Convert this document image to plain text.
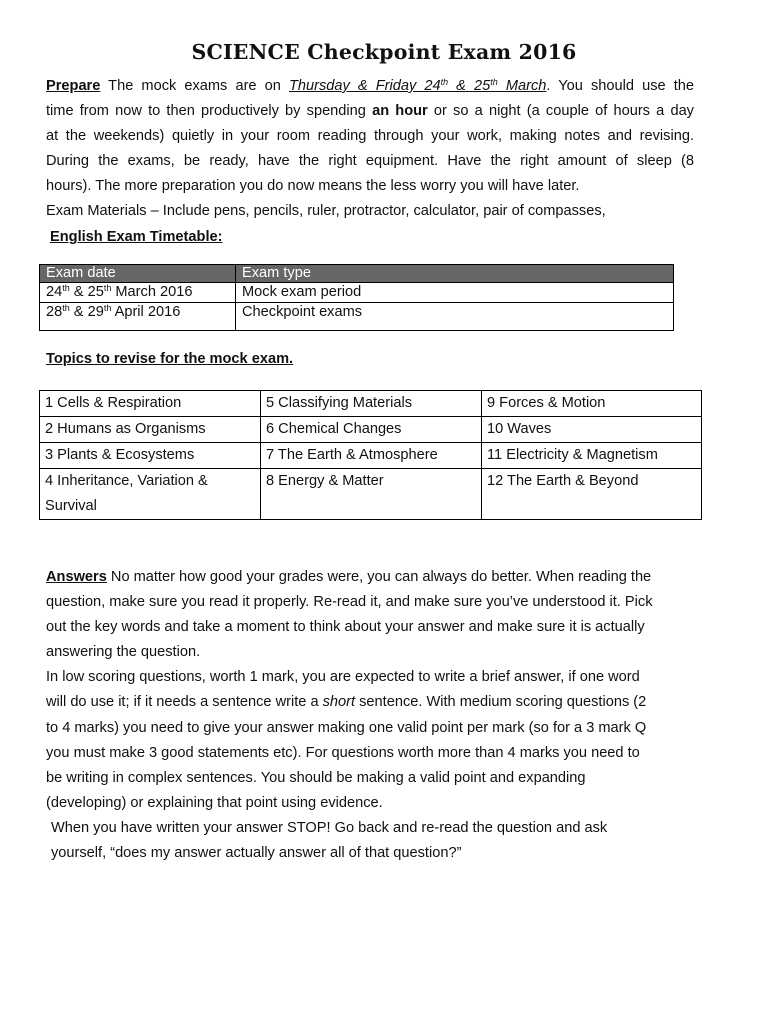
SCIENCE Checkpoint Exam 2016
Prepare The mock exams are on Thursday & Friday 24th & 25th March. You should use the
time from now to then productively by spending an hour or so a night (a couple of hours a day
at the weekends) quietly in your room reading through your work, making notes and revising.
During the exams, be ready, have the right equipment. Have the right amount of sleep (8
hours). The more preparation you do now means the less worry you will have later.
Exam Materials – Include pens, pencils, ruler, protractor, calculator, pair of compasses,
English Exam Timetable:
Exam date	Exam type
24th & 25th March 2016	Mock exam period
28th & 29th April 2016	Checkpoint exams
Topics to revise for the mock exam.
1 Cells & Respiration	5 Classifying Materials	9 Forces & Motion
2 Humans as Organisms	6 Chemical Changes	10 Waves
3 Plants & Ecosystems	7 The Earth & Atmosphere	11 Electricity & Magnetism

4 Inheritance, Variation &
Survival	8 Energy & Matter	12 The Earth & Beyond
Answers No matter how good your grades were, you can always do better. When reading the
question, make sure you read it properly. Re-read it, and make sure you’ve understood it. Pick
out the key words and take a moment to think about your answer and make sure it is actually
answering the question.
In low scoring questions, worth 1 mark, you are expected to write a brief answer, if one word
will do use it; if it needs a sentence write a short sentence. With medium scoring questions (2
to 4 marks) you need to give your answer making one valid point per mark (so for a 3 mark Q
you must make 3 good statements etc). For questions worth more than 4 marks you need to
be writing in complex sentences. You should be making a valid point and expanding
(developing) or explaining that point using evidence.
When you have written your answer STOP! Go back and re-read the question and ask
yourself, “does my answer actually answer all of that question?”
